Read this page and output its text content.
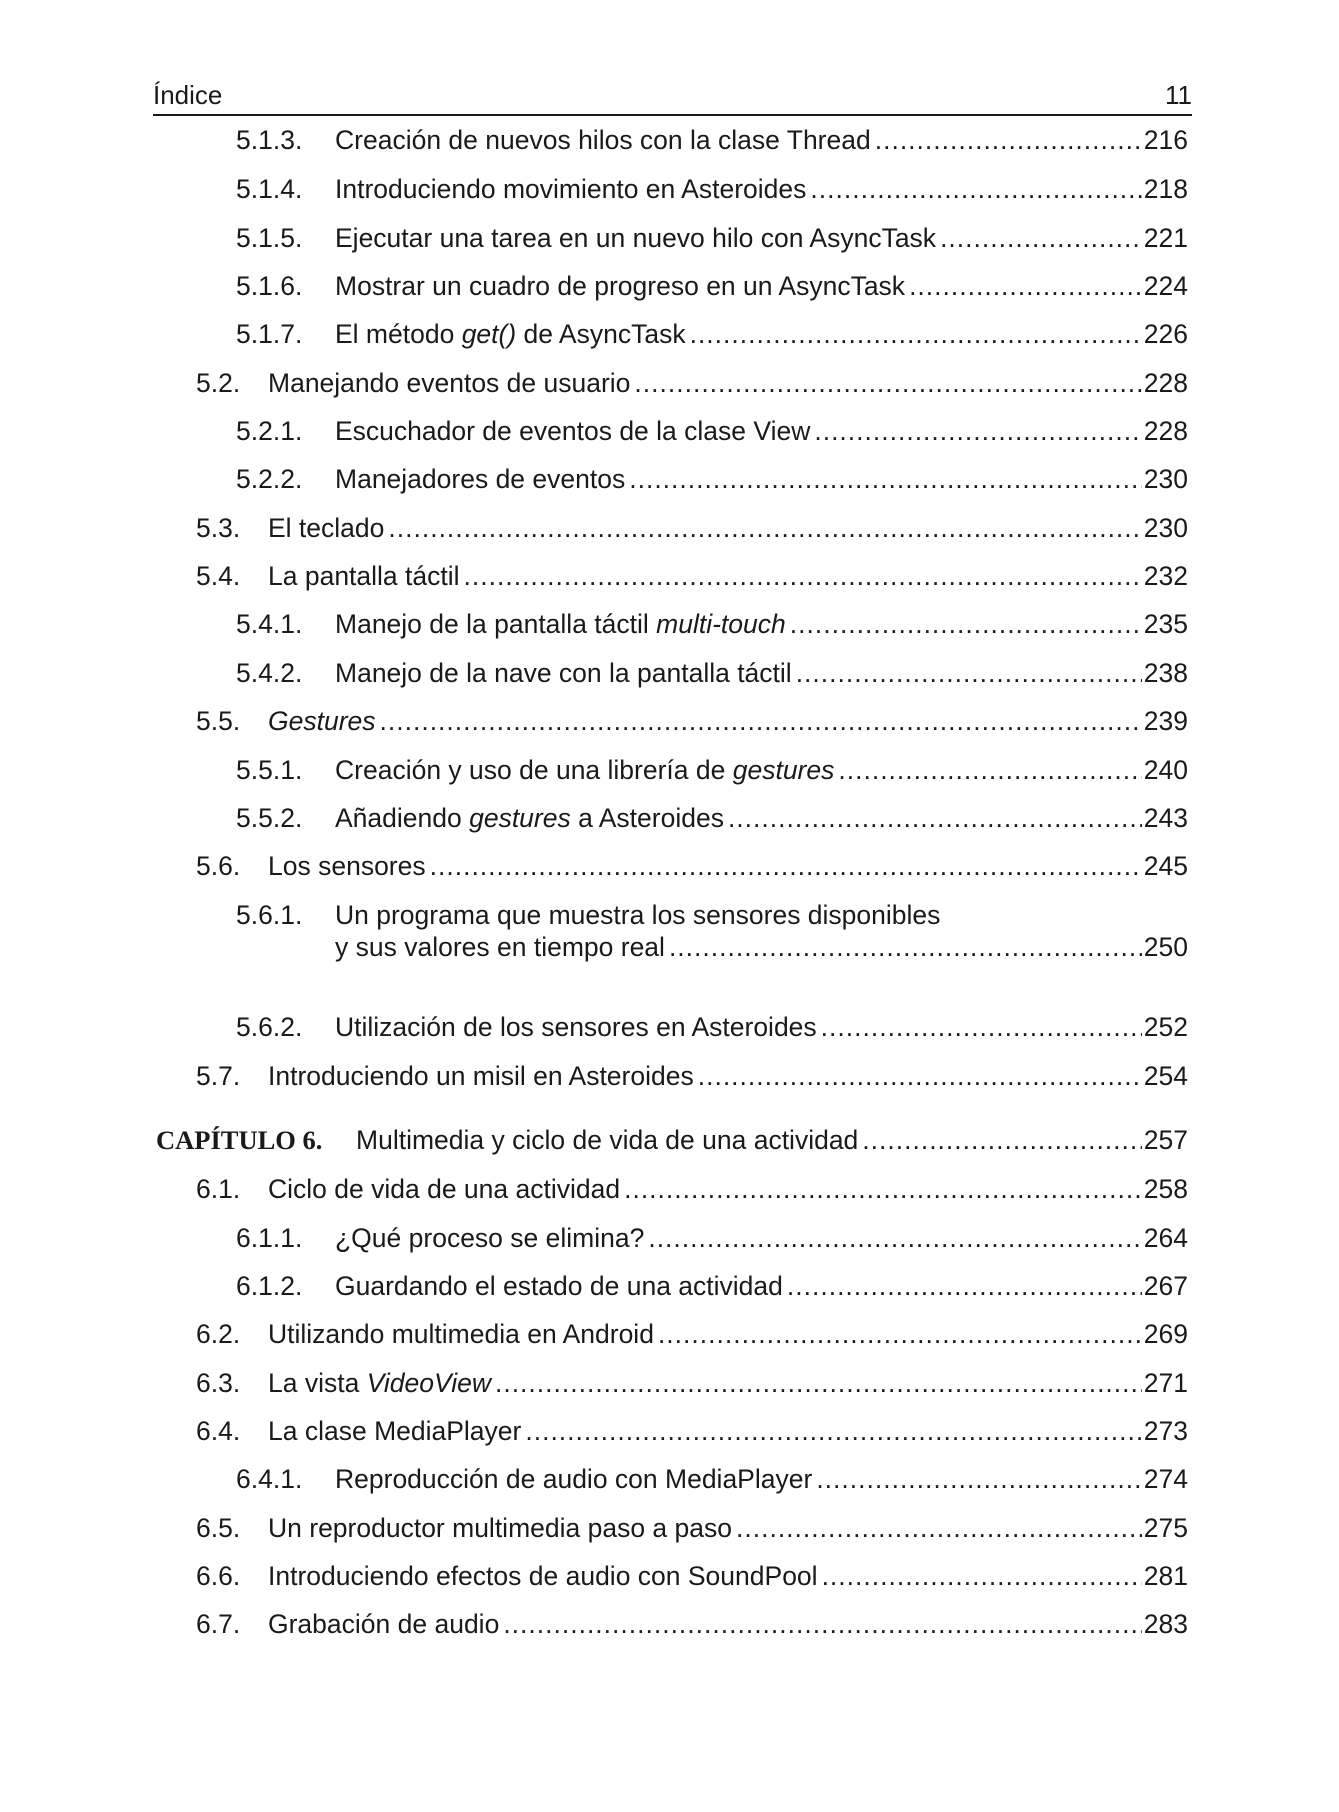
Índice	11
5.1.3. Creación de nuevos hilos con la clase Thread .....	216
5.1.4. Introduciendo movimiento en Asteroides .....	218
5.1.5. Ejecutar una tarea en un nuevo hilo con AsyncTask .....	221
5.1.6. Mostrar un cuadro de progreso en un AsyncTask .....	224
5.1.7. El método get() de AsyncTask .....	226
5.2. Manejando eventos de usuario .....	228
5.2.1. Escuchador de eventos de la clase View .....	228
5.2.2. Manejadores de eventos .....	230
5.3. El teclado .....	230
5.4. La pantalla táctil .....	232
5.4.1. Manejo de la pantalla táctil multi-touch .....	235
5.4.2. Manejo de la nave con la pantalla táctil .....	238
5.5. Gestures .....	239
5.5.1. Creación y uso de una librería de gestures .....	240
5.5.2. Añadiendo gestures a Asteroides .....	243
5.6. Los sensores .....	245
5.6.1. Un programa que muestra los sensores disponibles
y sus valores en tiempo real .....	250
5.6.2. Utilización de los sensores en Asteroides .....	252
5.7. Introduciendo un misil en Asteroides .....	254
CAPÍTULO 6. Multimedia y ciclo de vida de una actividad .....	257
6.1. Ciclo de vida de una actividad .....	258
6.1.1. ¿Qué proceso se elimina? .....	264
6.1.2. Guardando el estado de una actividad .....	267
6.2. Utilizando multimedia en Android .....	269
6.3. La vista VideoView .....	271
6.4. La clase MediaPlayer .....	273
6.4.1. Reproducción de audio con MediaPlayer .....	274
6.5. Un reproductor multimedia paso a paso .....	275
6.6. Introduciendo efectos de audio con SoundPool .....	281
6.7. Grabación de audio .....	283
